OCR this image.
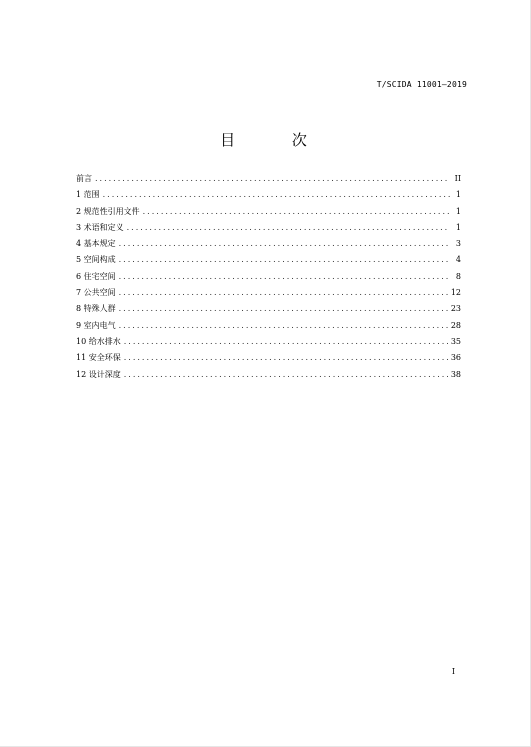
T/SCIDA 11001—2019
目 次
前言 .....	II
1 范围 .....	1
2 规范性引用文件 .....	1
3 术语和定义 .....	1
4 基本规定 .....	3
5 空间构成 .....	4
6 住宅空间 .....	8
7 公共空间 .....	12
8 特殊人群 .....	23
9 室内电气 .....	28
10 给水排水 .....	35
11 安全环保 .....	36
12 设计深度 .....	38
I
